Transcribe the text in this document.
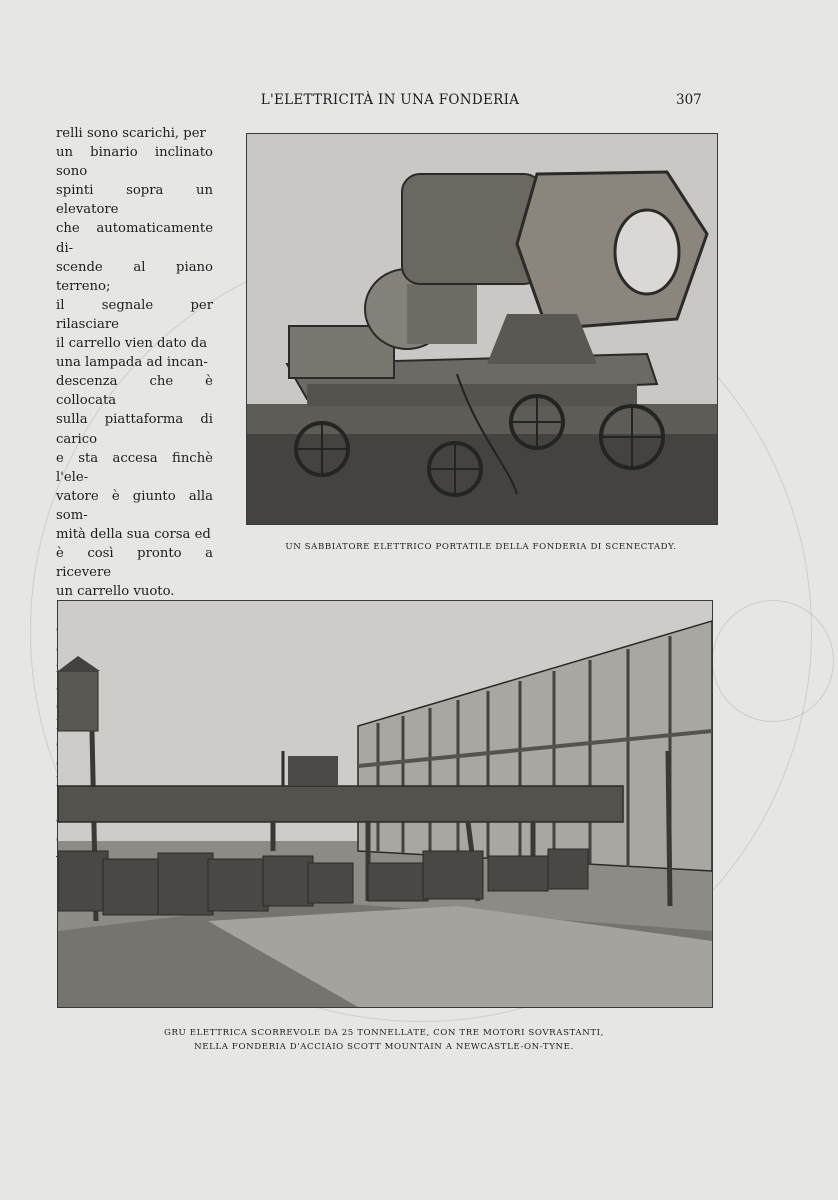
L'ELETTRICITÀ IN UNA FONDERIA	307

relli sono scarichi, per

un binario inclinato sono

spinti sopra un elevatore

che automaticamente di-

scende al piano terreno;

il segnale per rilasciare

il carrello vien dato da

una lampada ad incan-

descenza che è collocata

sulla piattaforma di carico

e sta accesa finchè l'ele-

vatore è giunto alla som-

mità della sua corsa ed

è così pronto a ricevere

un carrello vuoto.

UN SABBIATORE ELETTRICO PORTATILE DELLA FONDERIA DI SCENECTADY.
GRU ELETTRICA SCORREVOLE DA 25 TONNELLATE, CON TRE MOTORI SOVRASTANTI,
NELLA FONDERIA D'ACCIAIO SCOTT MOUNTAIN A NEWCASTLE-ON-TYNE.
